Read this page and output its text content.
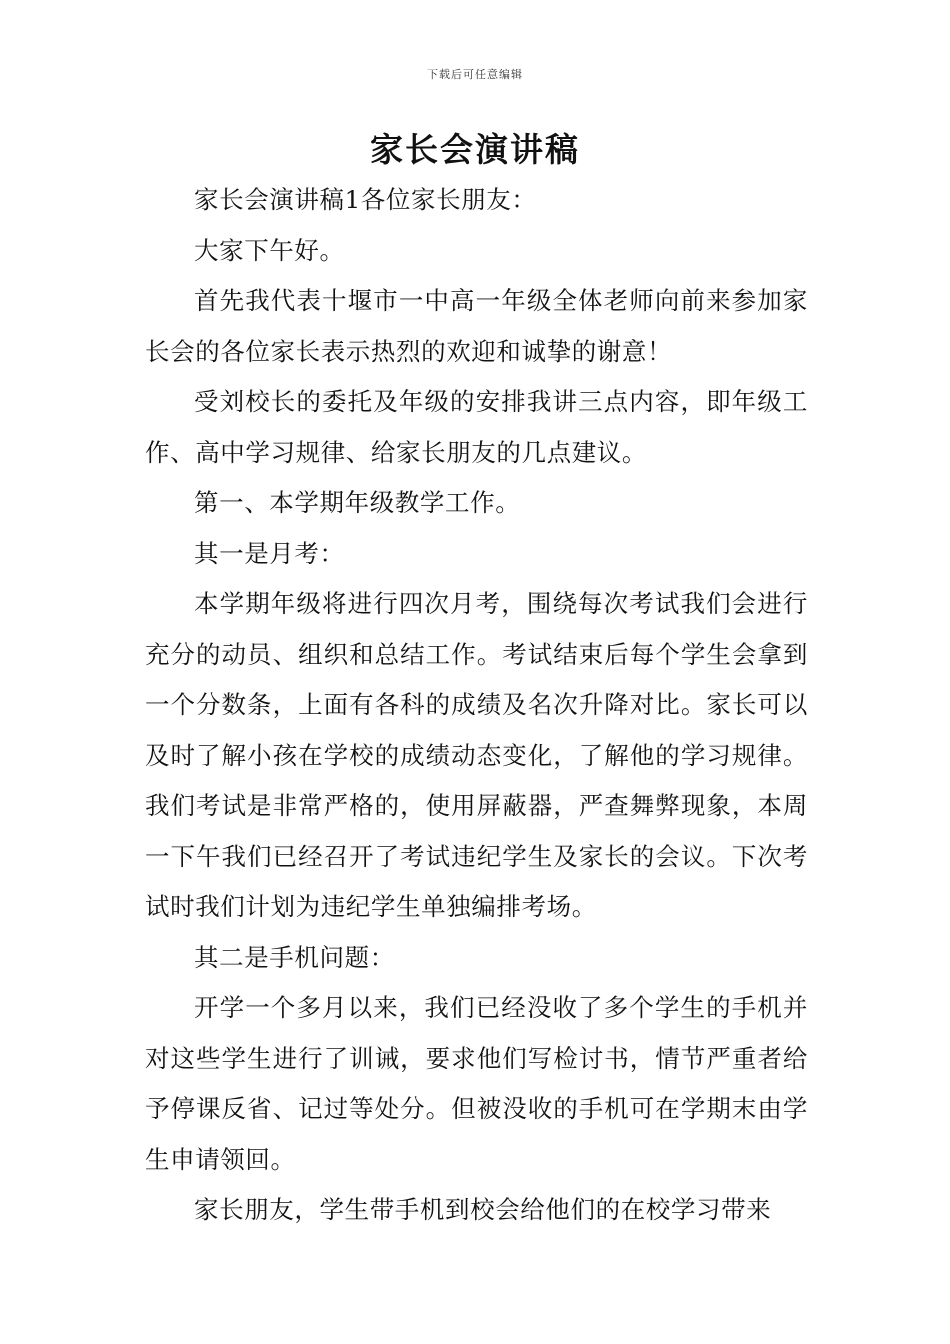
下载后可任意编辑
家长会演讲稿

家长会演讲稿1各位家长朋友：

大家下午好。

首先我代表十堰市一中高一年级全体老师向前来参加家长会的各位家长表示热烈的欢迎和诚挚的谢意！

受刘校长的委托及年级的安排我讲三点内容，即年级工作、高中学习规律、给家长朋友的几点建议。

第一、本学期年级教学工作。

其一是月考：

本学期年级将进行四次月考，围绕每次考试我们会进行充分的动员、组织和总结工作。考试结束后每个学生会拿到一个分数条，上面有各科的成绩及名次升降对比。家长可以及时了解小孩在学校的成绩动态变化，了解他的学习规律。我们考试是非常严格的，使用屏蔽器，严查舞弊现象，本周一下午我们已经召开了考试违纪学生及家长的会议。下次考试时我们计划为违纪学生单独编排考场。

其二是手机问题：

开学一个多月以来，我们已经没收了多个学生的手机并对这些学生进行了训诫，要求他们写检讨书，情节严重者给予停课反省、记过等处分。但被没收的手机可在学期末由学生申请领回。

家长朋友，学生带手机到校会给他们的在校学习带来
